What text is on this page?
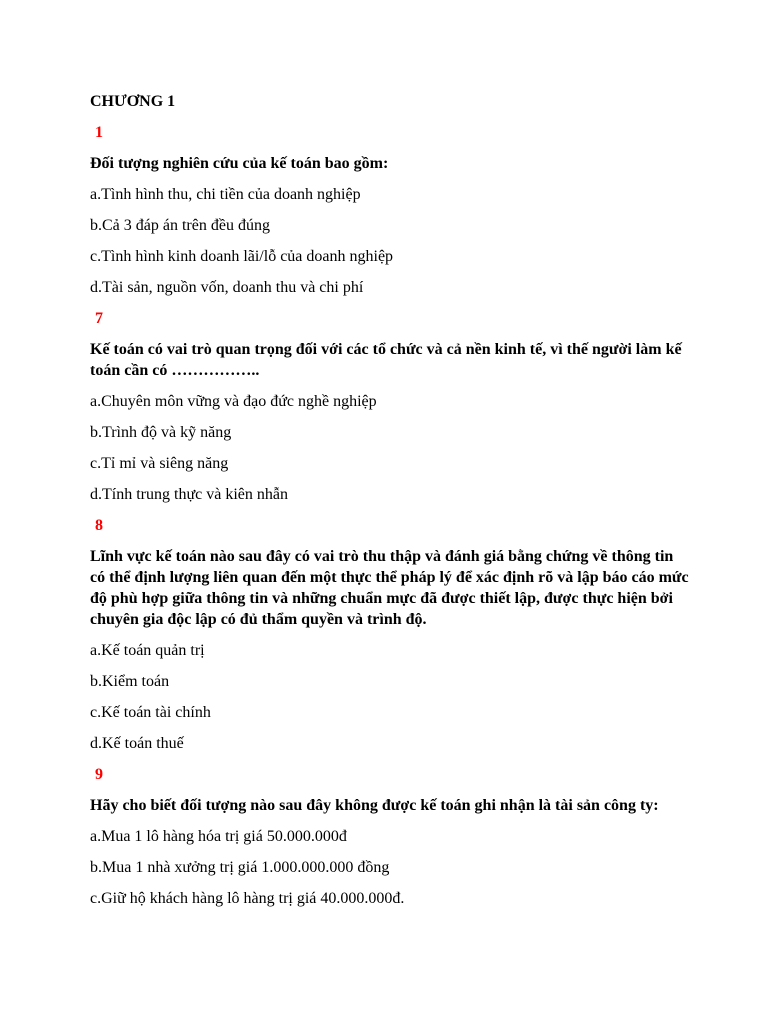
CHƯƠNG 1
1
Đối tượng nghiên cứu của kế toán bao gồm:
a.Tình hình thu, chi tiền của doanh nghiệp
b.Cả 3 đáp án trên đều đúng
c.Tình hình kinh doanh lãi/lỗ của doanh nghiệp
d.Tài sản, nguồn vốn, doanh thu và chi phí
7
Kế toán có vai trò quan trọng đối với các tổ chức và cả nền kinh tế, vì thế người làm kế toán cần có ……………..
a.Chuyên môn vững và đạo đức nghề nghiệp
b.Trình độ và kỹ năng
c.Tỉ mỉ và siêng năng
d.Tính trung thực và kiên nhẫn
8
Lĩnh vực kế toán nào sau đây có vai trò thu thập và đánh giá bằng chứng về thông tin có thể định lượng liên quan đến một thực thể pháp lý để xác định rõ và lập báo cáo mức độ phù hợp giữa thông tin và những chuẩn mực đã được thiết lập, được thực hiện bởi chuyên gia độc lập có đủ thẩm quyền và trình độ.
a.Kế toán quản trị
b.Kiểm toán
c.Kế toán tài chính
d.Kế toán thuế
9
Hãy cho biết đối tượng nào sau đây không được kế toán ghi nhận là tài sản công ty:
a.Mua 1 lô hàng hóa trị giá 50.000.000đ
b.Mua 1 nhà xưởng trị giá 1.000.000.000 đồng
c.Giữ hộ khách hàng lô hàng trị giá 40.000.000đ.
